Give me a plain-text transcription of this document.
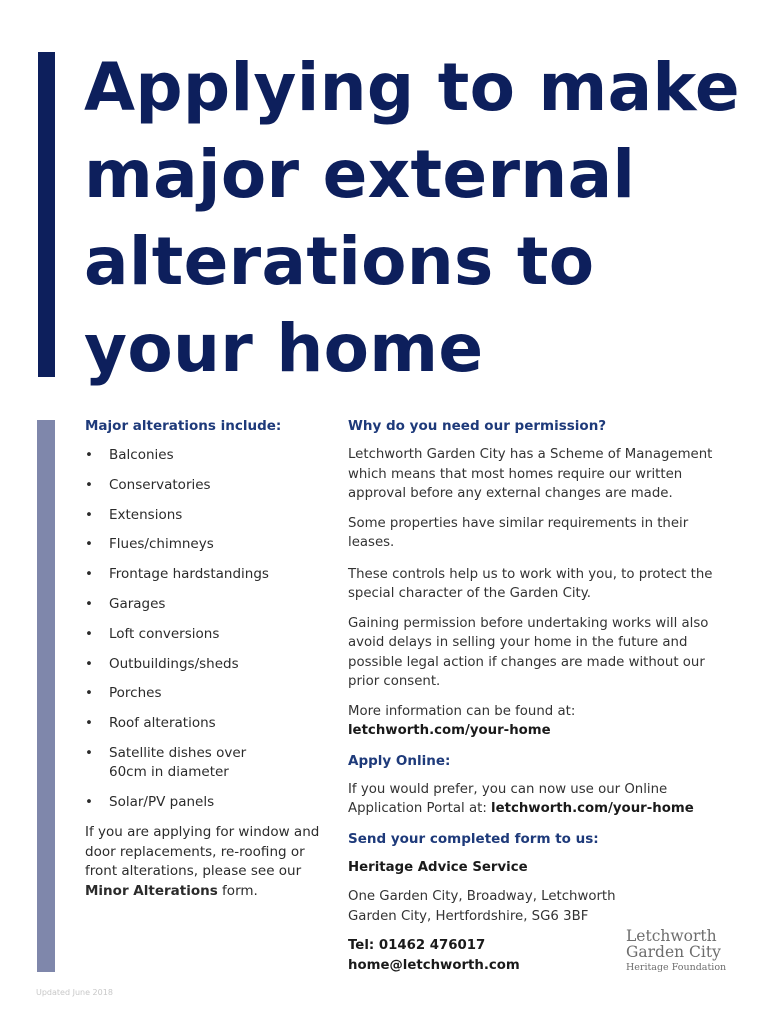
Applying to make
major external
alterations to
your home

Major alterations include:

• Balconies
• Conservatories
• Extensions
• Flues/chimneys
• Frontage hardstandings
• Garages
• Loft conversions
• Outbuildings/sheds
• Porches
• Roof alterations
• Satellite dishes over 60cm in diameter
• Solar/PV panels

If you are applying for window and door replacements, re-roofing or front alterations, please see our Minor Alterations form.

Why do you need our permission?

Letchworth Garden City has a Scheme of Management which means that most homes require our written approval before any external changes are made.

Some properties have similar requirements in their leases.

These controls help us to work with you, to protect the special character of the Garden City.

Gaining permission before undertaking works will also avoid delays in selling your home in the future and possible legal action if changes are made without our prior consent.

More information can be found at:
letchworth.com/your-home

Apply Online:

If you would prefer, you can now use our Online Application Portal at: letchworth.com/your-home

Send your completed form to us:

Heritage Advice Service

One Garden City, Broadway, Letchworth
Garden City, Hertfordshire, SG6 3BF

Tel: 01462 476017
home@letchworth.com

Letchworth
Garden City
Heritage Foundation
Updated June 2018
